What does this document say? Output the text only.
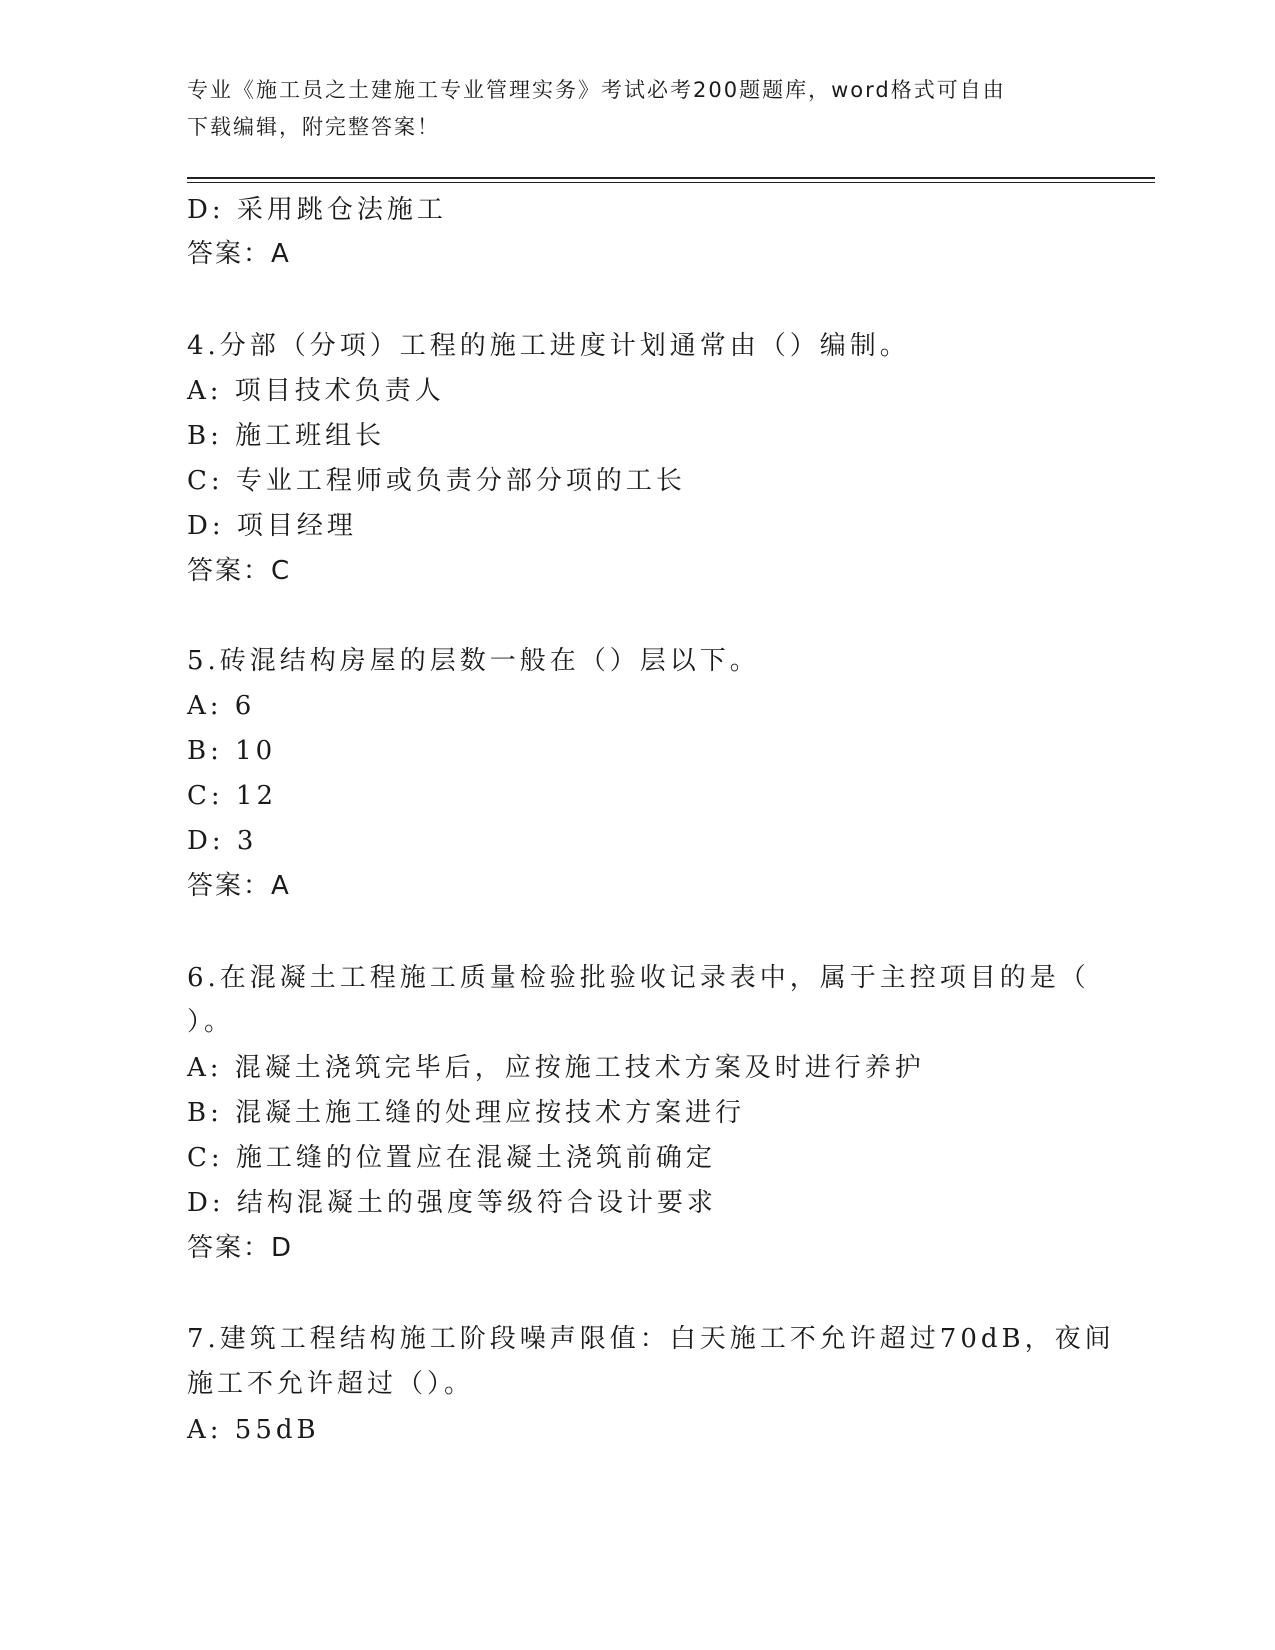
专业《施工员之土建施工专业管理实务》考试必考200题题库，word格式可自由
下载编辑，附完整答案！
D: 采用跳仓法施工
答案：A
4.分部（分项）工程的施工进度计划通常由（）编制。
A: 项目技术负责人
B: 施工班组长
C: 专业工程师或负责分部分项的工长
D: 项目经理
答案：C
5.砖混结构房屋的层数一般在（）层以下。
A: 6
B: 10
C: 12
D: 3
答案：A
6.在混凝土工程施工质量检验批验收记录表中，属于主控项目的是（
）。
A: 混凝土浇筑完毕后，应按施工技术方案及时进行养护
B: 混凝土施工缝的处理应按技术方案进行
C: 施工缝的位置应在混凝土浇筑前确定
D: 结构混凝土的强度等级符合设计要求
答案：D
7.建筑工程结构施工阶段噪声限值：白天施工不允许超过70dB，夜间
施工不允许超过（）。
A: 55dB
